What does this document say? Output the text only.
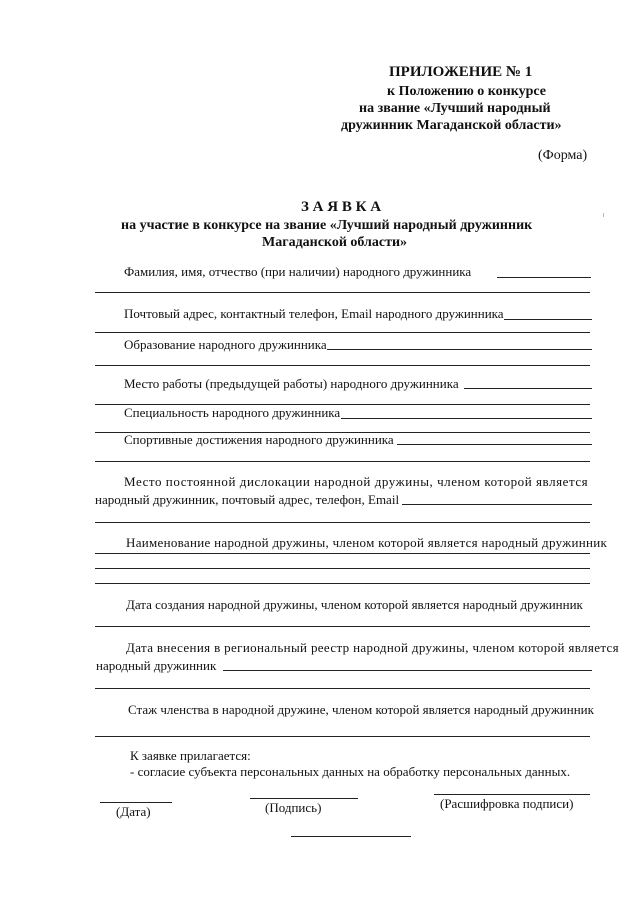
ПРИЛОЖЕНИЕ № 1
к Положению о конкурсе
на звание «Лучший народный
дружинник Магаданской области»
(Форма)
З А Я В К А
на участие в конкурсе на звание «Лучший народный дружинник
Магаданской области»
Фамилия, имя, отчество (при наличии) народного дружинника
Почтовый адрес, контактный телефон, Email народного дружинника
Образование народного дружинника
Место работы (предыдущей работы) народного дружинника
Специальность народного дружинника
Спортивные достижения народного дружинника
Место постоянной дислокации народной дружины, членом которой является
народный дружинник, почтовый адрес, телефон, Email
Наименование народной дружины, членом которой является народный дружинник
Дата создания народной дружины, членом которой является народный дружинник
Дата внесения в региональный реестр народной дружины, членом которой является
народный дружинник
Стаж членства в народной дружине, членом которой является народный дружинник
К заявке прилагается:
- согласие субъекта персональных данных на обработку персональных данных.
(Дата)	(Подпись)	(Расшифровка подписи)
